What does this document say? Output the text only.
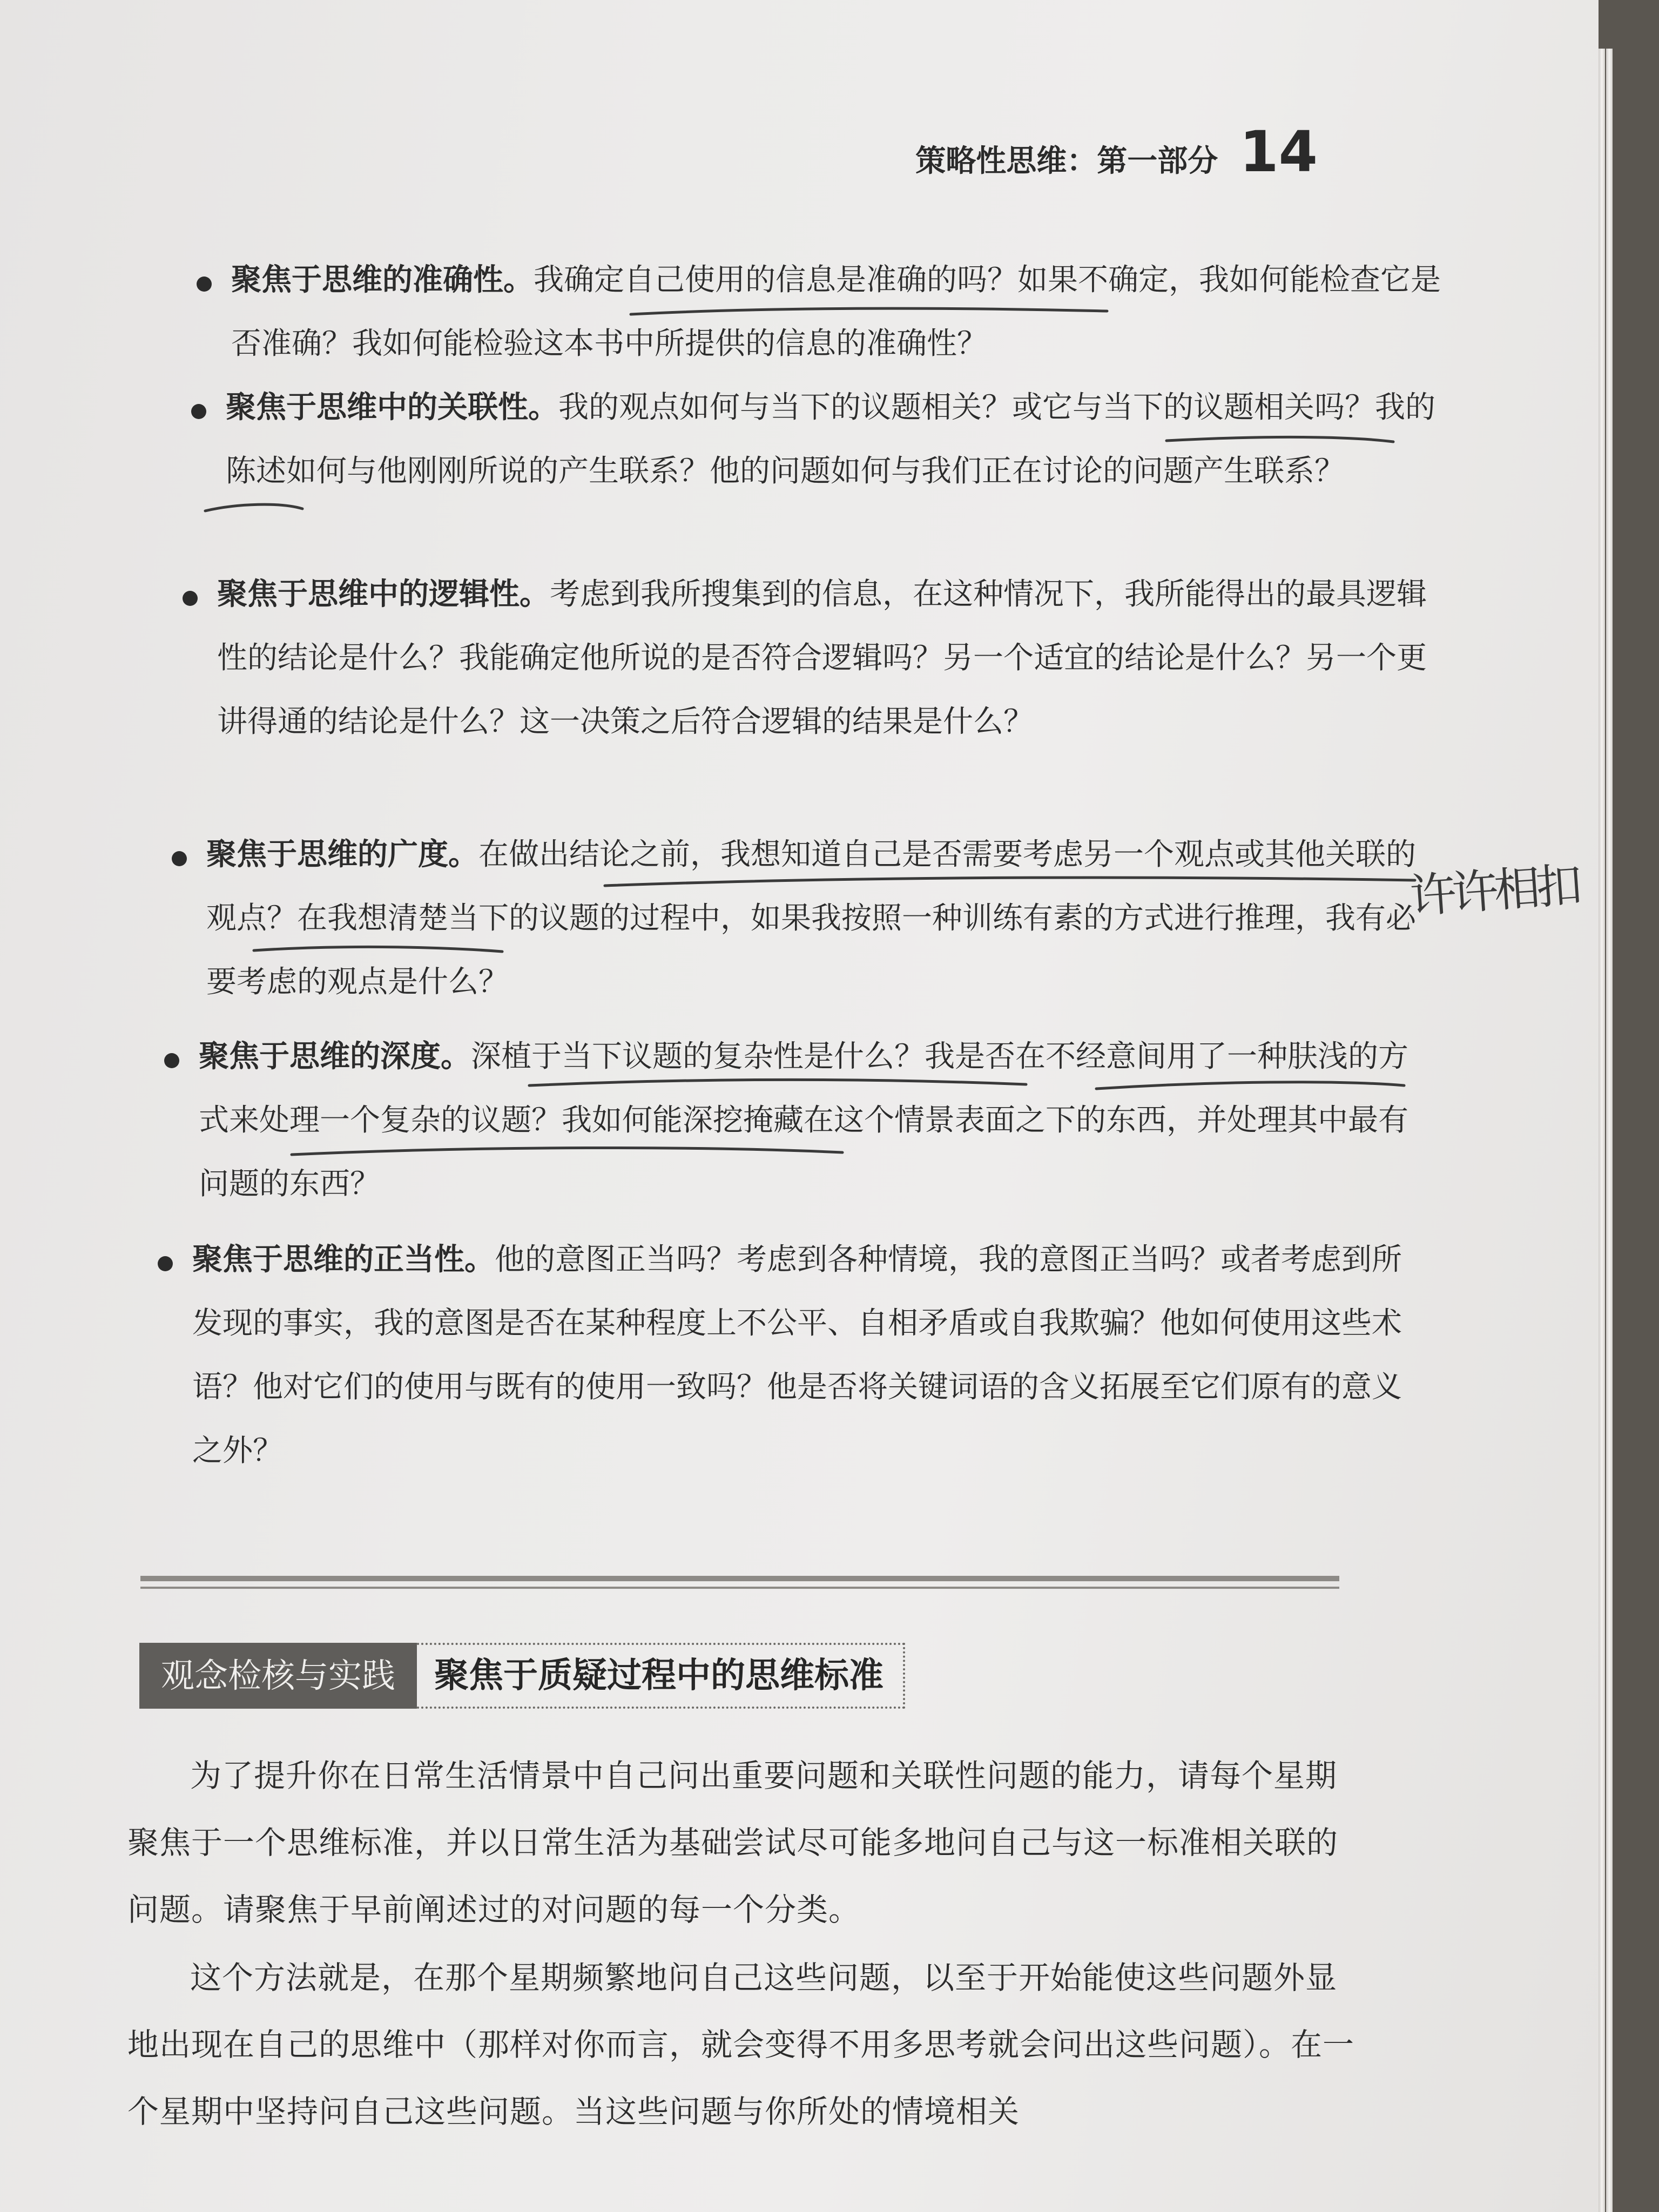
策略性思维：第一部分 14
聚焦于思维的准确性。我确定自己使用的信息是准确的吗？如果不确定，我如何能检查它是否准确？我如何能检验这本书中所提供的信息的准确性？
聚焦于思维中的关联性。我的观点如何与当下的议题相关？或它与当下的议题相关吗？我的陈述如何与他刚刚所说的产生联系？他的问题如何与我们正在讨论的问题产生联系？
聚焦于思维中的逻辑性。考虑到我所搜集到的信息，在这种情况下，我所能得出的最具逻辑性的结论是什么？我能确定他所说的是否符合逻辑吗？另一个适宜的结论是什么？另一个更讲得通的结论是什么？这一决策之后符合逻辑的结果是什么？
聚焦于思维的广度。在做出结论之前，我想知道自己是否需要考虑另一个观点或其他关联的观点？在我想清楚当下的议题的过程中，如果我按照一种训练有素的方式进行推理，我有必要考虑的观点是什么？
聚焦于思维的深度。深植于当下议题的复杂性是什么？我是否在不经意间用了一种肤浅的方式来处理一个复杂的议题？我如何能深挖掩藏在这个情景表面之下的东西，并处理其中最有问题的东西？
聚焦于思维的正当性。他的意图正当吗？考虑到各种情境，我的意图正当吗？或者考虑到所发现的事实，我的意图是否在某种程度上不公平、自相矛盾或自我欺骗？他如何使用这些术语？他对它们的使用与既有的使用一致吗？他是否将关键词语的含义拓展至它们原有的意义之外？
观念检核与实践	聚焦于质疑过程中的思维标准
为了提升你在日常生活情景中自己问出重要问题和关联性问题的能力，请每个星期聚焦于一个思维标准，并以日常生活为基础尝试尽可能多地问自己与这一标准相关联的问题。请聚焦于早前阐述过的对问题的每一个分类。
这个方法就是，在那个星期频繁地问自己这些问题，以至于开始能使这些问题外显地出现在自己的思维中（那样对你而言，就会变得不用多思考就会问出这些问题）。在一个星期中坚持问自己这些问题。当这些问题与你所处的情境相关
许许相扣
